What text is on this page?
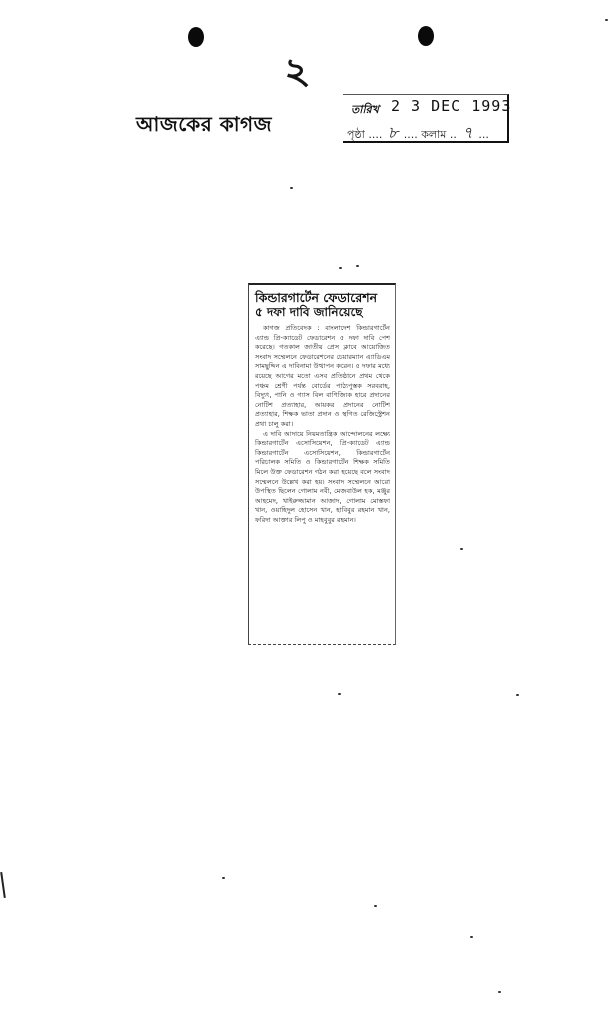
২
আজকের কাগজ
তারিখ 2 3 DEC 1993
পৃষ্ঠা .... ৮ .... কলাম .. ৭ ...
কিন্ডারগার্টেন ফেডারেশন
৫ দফা দাবি জানিয়েছে

কাগজ প্রতিবেদক : বাংলাদেশ কিন্ডারগার্টেন এ্যান্ড প্রি-ক্যাডেট ফেডারেশন ৫ দফা দাবি পেশ করেছে। গতকাল জাতীয় প্রেস ক্লাবে আয়োজিত সংবাদ সম্মেলনে ফেডারেশনের চেয়ারম্যান এ্যাডিএম সামছুদ্দিন এ দাবিনামা উত্থাপন করেন। ৫ দফার মধ্যে রয়েছে আগের মতো এসব প্রতিষ্ঠানে প্রথম থেকে পঞ্চম শ্রেণী পর্যন্ত বোর্ডের পাঠ্যপুস্তক সরবরাহ, বিদ্যুৎ, পানি ও গ্যাস বিল বাণিজ্যিক হারে প্রদানের নোটিশ প্রত্যাহার, আয়কর প্রদানের নোটিশ প্রত্যাহার, শিক্ষক ভাতা প্রদান ও স্থগিত রেজিস্ট্রেশন প্রথা চালু করা।

এ দাবি আদায়ে নিয়মতান্ত্রিক আন্দোলনের লক্ষ্যে কিন্ডারগার্টেন এসোসিয়েশন, প্রি-ক্যাডেট এ্যান্ড কিন্ডারগার্টেন এসোসিয়েশন, কিন্ডারগার্টেন পরিচালক সমিতি ও কিন্ডারগার্টেন শিক্ষক সমিতি মিলে উক্ত ফেডারেশন গঠন করা হয়েছে বলে সংবাদ সম্মেলনে উল্লেখ করা হয়। সংবাদ সম্মেলনে আরো উপস্থিত ছিলেন গোলাম নবী, মেজবাউল হক, মঞ্জুর আহমেদ, খাইরুজ্জামান আজাদ, গোলাম মোস্তফা খান, ওয়াহিদুল হোসেন খান, হাবিবুর রহমান খান, ফরিদা আক্তার লিপু ও মাহবুবুর রহমান।
